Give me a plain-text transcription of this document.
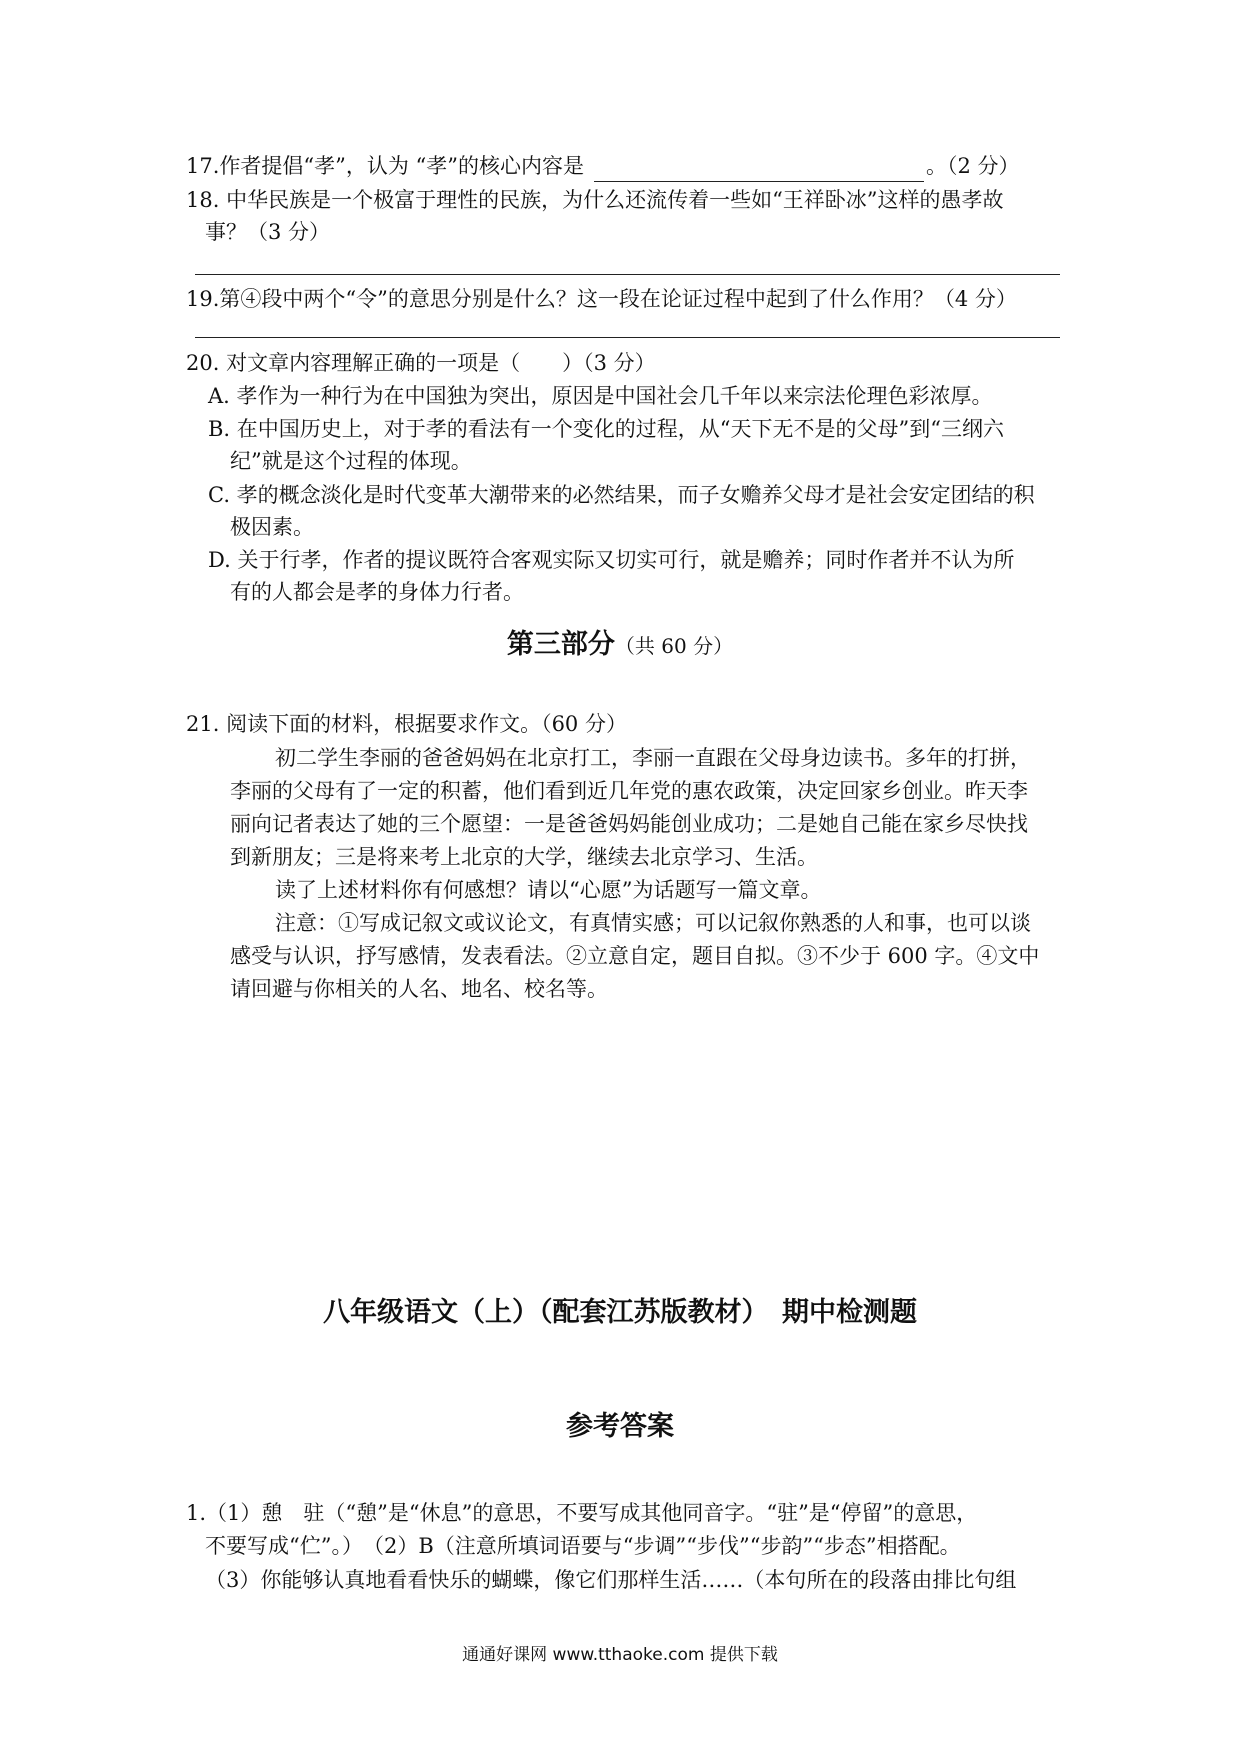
17.作者提倡“孝”，认为 “孝”的核心内容是	。（2 分）
18. 中华民族是一个极富于理性的民族，为什么还流传着一些如“王祥卧冰”这样的愚孝故
事？（3 分）
19.第④段中两个“令”的意思分别是什么？这一段在论证过程中起到了什么作用？（4 分）
20. 对文章内容理解正确的一项是（　　）（3 分）
A. 孝作为一种行为在中国独为突出，原因是中国社会几千年以来宗法伦理色彩浓厚。
B. 在中国历史上，对于孝的看法有一个变化的过程，从“天下无不是的父母”到“三纲六
纪”就是这个过程的体现。
C. 孝的概念淡化是时代变革大潮带来的必然结果，而子女赡养父母才是社会安定团结的积
极因素。
D. 关于行孝，作者的提议既符合客观实际又切实可行，就是赡养；同时作者并不认为所
有的人都会是孝的身体力行者。
第三部分（共 60 分）
21. 阅读下面的材料，根据要求作文。（60 分）
初二学生李丽的爸爸妈妈在北京打工，李丽一直跟在父母身边读书。多年的打拼，
李丽的父母有了一定的积蓄，他们看到近几年党的惠农政策，决定回家乡创业。昨天李
丽向记者表达了她的三个愿望：一是爸爸妈妈能创业成功；二是她自己能在家乡尽快找
到新朋友；三是将来考上北京的大学，继续去北京学习、生活。
读了上述材料你有何感想？请以“心愿”为话题写一篇文章。
注意：①写成记叙文或议论文，有真情实感；可以记叙你熟悉的人和事，也可以谈
感受与认识，抒写感情，发表看法。②立意自定，题目自拟。③不少于 600 字。④文中
请回避与你相关的人名、地名、校名等。
八年级语文（上）（配套江苏版教材）　期中检测题
参考答案
1.（1）憩　驻（“憩”是“休息”的意思，不要写成其他同音字。“驻”是“停留”的意思，
不要写成“伫”。）　（2）B（注意所填词语要与“步调”“步伐”“步韵”“步态”相搭配。
（3）你能够认真地看看快乐的蝴蝶，像它们那样生活……（本句所在的段落由排比句组
通通好课网 www.tthaoke.com 提供下载
